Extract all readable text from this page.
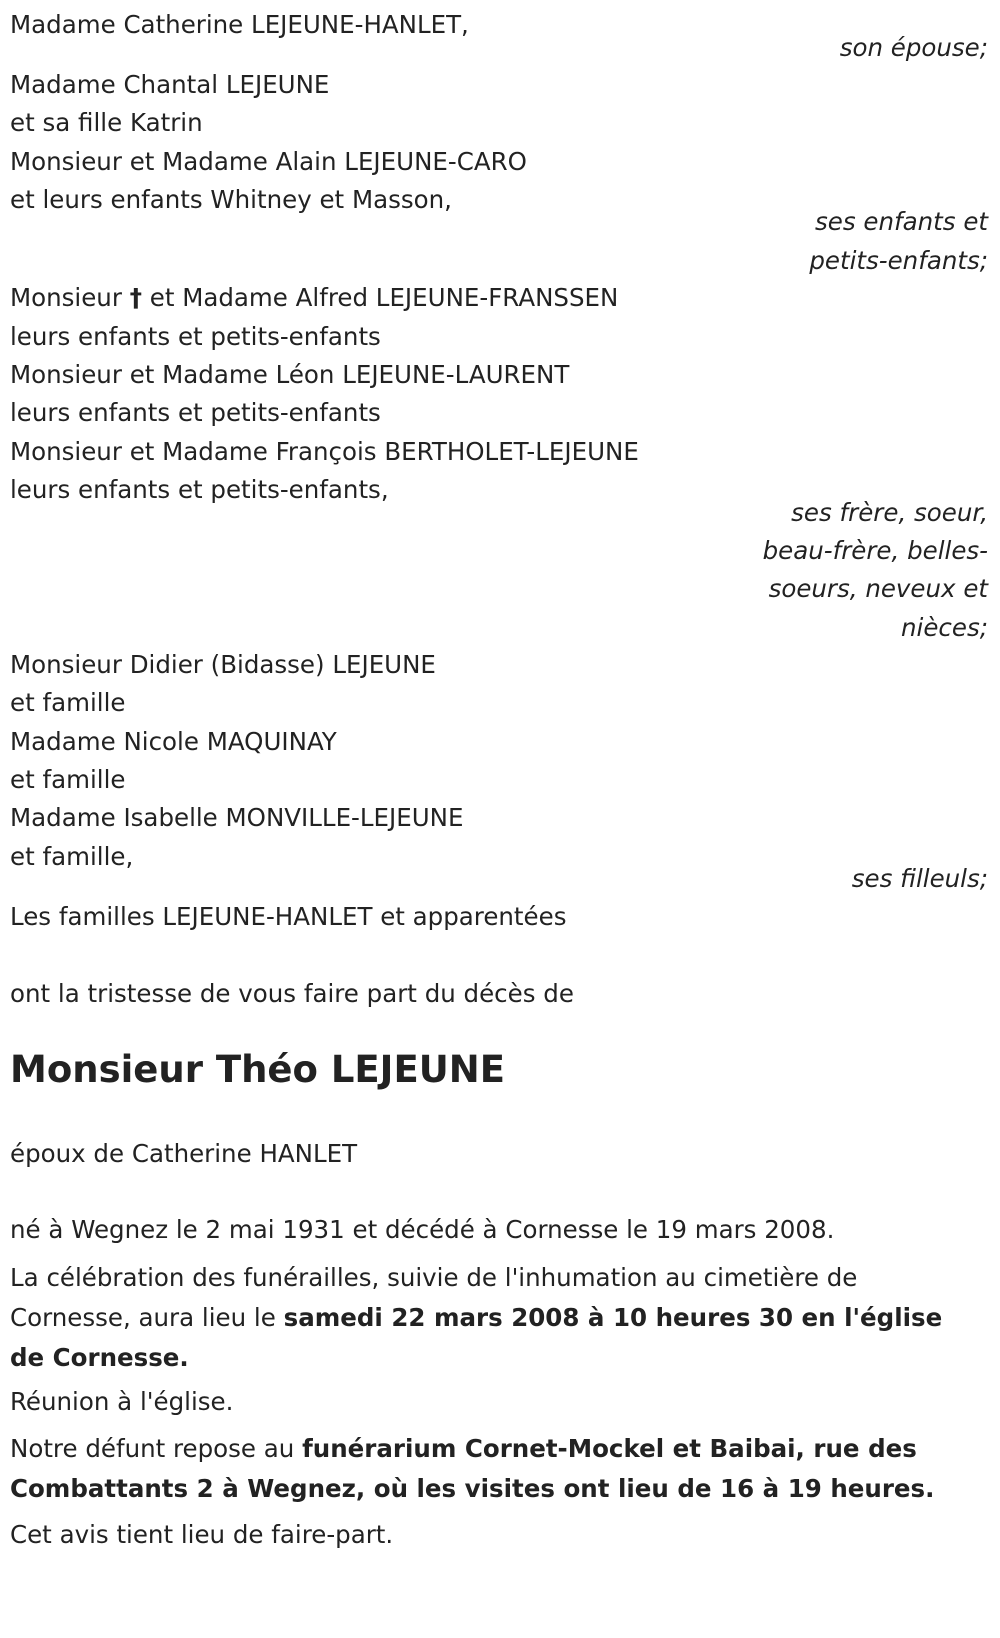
Madame Catherine LEJEUNE-HANLET,
son épouse;
Madame Chantal LEJEUNE
et sa fille Katrin
Monsieur et Madame Alain LEJEUNE-CARO
et leurs enfants Whitney et Masson,
ses enfants et
petits-enfants;
Monsieur † et Madame Alfred LEJEUNE-FRANSSEN
leurs enfants et petits-enfants
Monsieur et Madame Léon LEJEUNE-LAURENT
leurs enfants et petits-enfants
Monsieur et Madame François BERTHOLET-LEJEUNE
leurs enfants et petits-enfants,
ses frère, soeur,
beau-frère, belles-
soeurs, neveux et
nièces;
Monsieur Didier (Bidasse) LEJEUNE
et famille
Madame Nicole MAQUINAY
et famille
Madame Isabelle MONVILLE-LEJEUNE
et famille,
ses filleuls;
Les familles LEJEUNE-HANLET et apparentées
ont la tristesse de vous faire part du décès de
Monsieur Théo LEJEUNE
époux de Catherine HANLET
né à Wegnez le 2 mai 1931 et décédé à Cornesse le 19 mars 2008.
La célébration des funérailles, suivie de l'inhumation au cimetière de Cornesse, aura lieu le samedi 22 mars 2008 à 10 heures 30 en l'église de Cornesse.
Réunion à l'église.
Notre défunt repose au funérarium Cornet-Mockel et Baibai, rue des Combattants 2 à Wegnez, où les visites ont lieu de 16 à 19 heures.
Cet avis tient lieu de faire-part.
